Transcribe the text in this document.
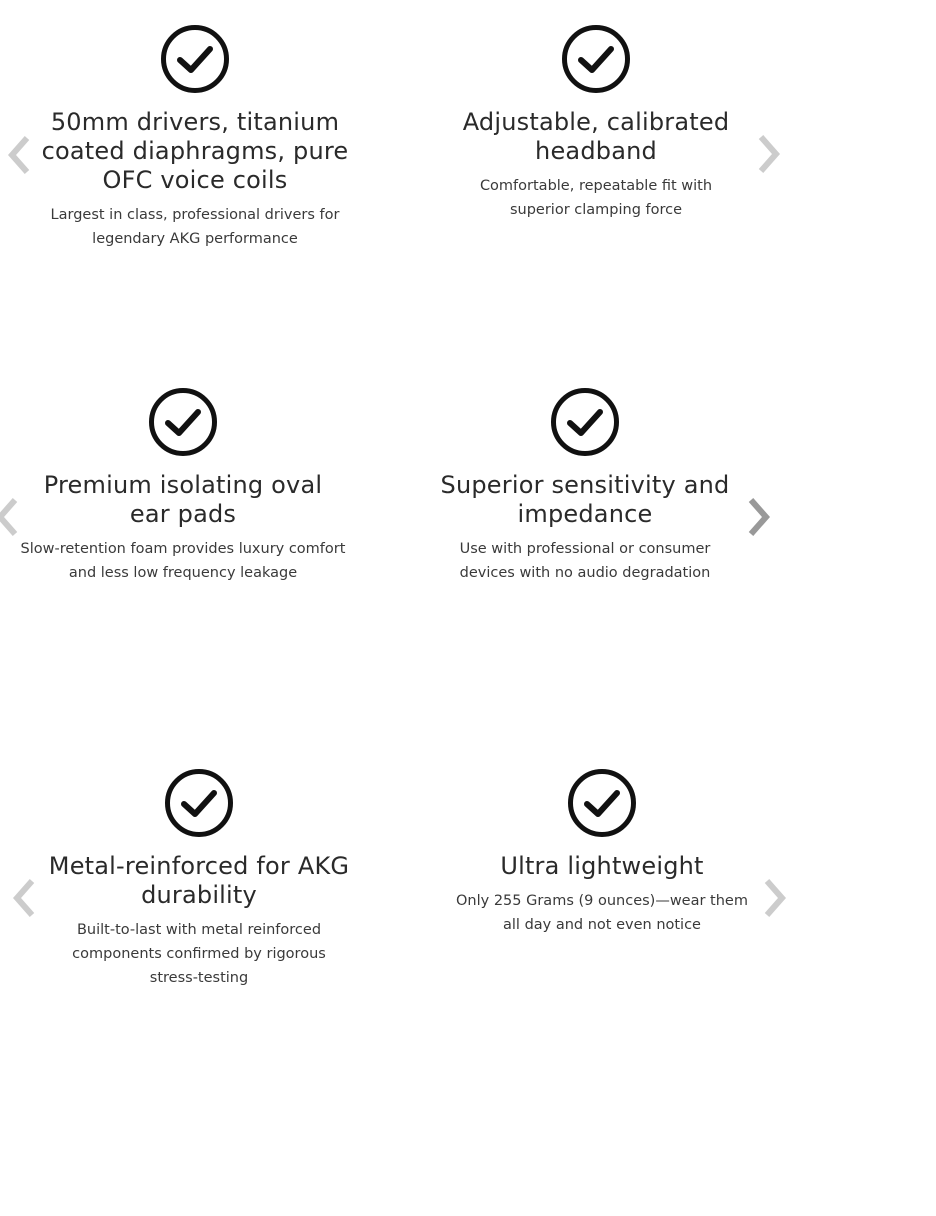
50mm drivers, titanium coated diaphragms, pure OFC voice coils

Largest in class, professional drivers for legendary AKG performance

Adjustable, calibrated headband

Comfortable, repeatable fit with superior clamping force

Premium isolating oval ear pads

Slow-retention foam provides luxury comfort and less low frequency leakage

Superior sensitivity and impedance

Use with professional or consumer devices with no audio degradation

Metal-reinforced for AKG durability

Built-to-last with metal reinforced components confirmed by rigorous stress-testing

Ultra lightweight

Only 255 Grams (9 ounces)—wear them all day and not even notice
